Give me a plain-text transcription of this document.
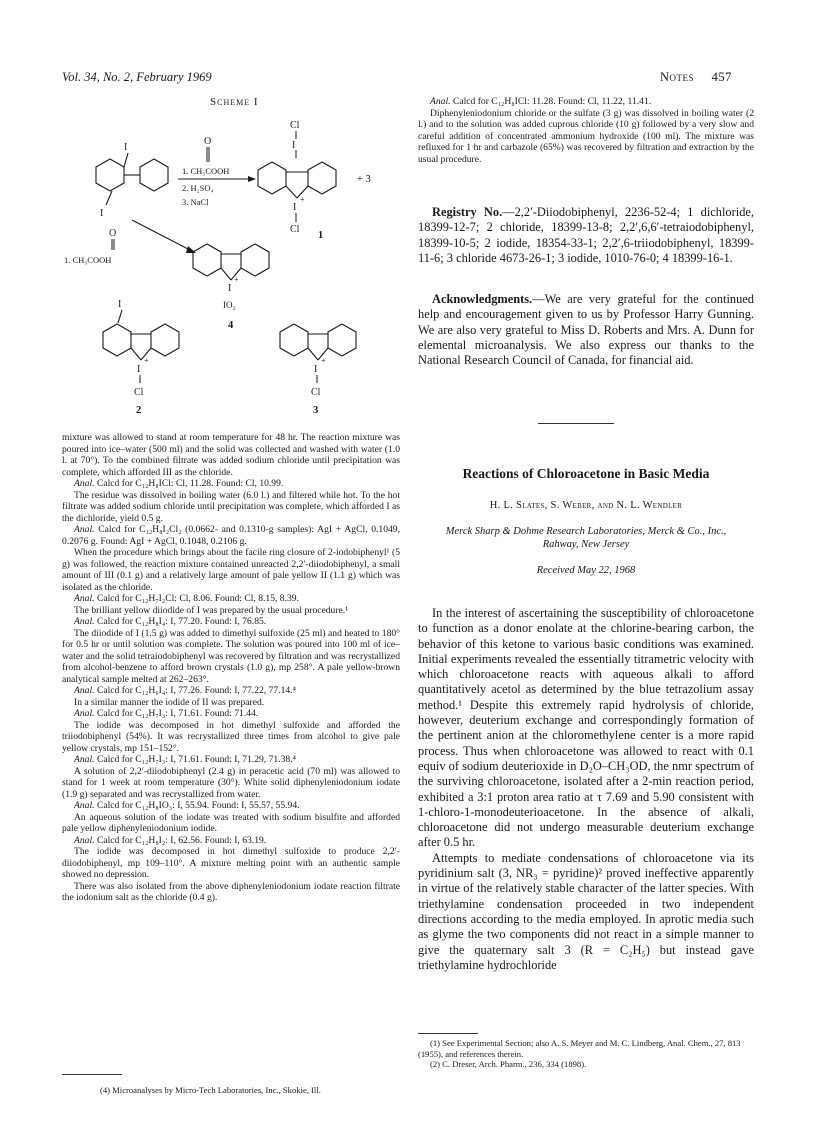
Vol. 34, No. 2, February 1969	Notes 457
Scheme I
I
I
O
1. CH₃COOH
2. H₂SO₄
3. NaCl	I
+
Cl
I
Cl
+ 3
1
O
1. CH₃COOH
I
+
IO₂
4
I
I
+
Cl
2
I
+
Cl
3

mixture was allowed to stand at room temperature for 48 hr. The reaction mixture was poured into ice–water (500 ml) and the solid was collected and washed with water (1.0 l. at 70°). To the combined filtrate was added sodium chloride until precipitation was complete, which afforded III as the chloride.

Anal. Calcd for C₁₂H₈ICl: Cl, 11.28. Found: Cl, 10.99.

The residue was dissolved in boiling water (6.0 l.) and filtered while hot. To the hot filtrate was added sodium chloride until precipitation was complete, which afforded I as the dichloride, yield 0.5 g.

Anal. Calcd for C₁₂H₈I₂Cl₂ (0.0662- and 0.1310-g samples): AgI + AgCl, 0.1049, 0.2076 g. Found: AgI + AgCl, 0.1048, 0.2106 g.

When the procedure which brings about the facile ring closure of 2-iodobiphenyl¹ (5 g) was followed, the reaction mixture contained unreacted 2,2′-diiodobiphenyl, a small amount of III (0.1 g) and a relatively large amount of pale yellow II (1.1 g) which was isolated as the chloride.

Anal. Calcd for C₁₂H₇I₂Cl: Cl, 8.06. Found: Cl, 8.15, 8.39.

The brilliant yellow diiodide of I was prepared by the usual procedure.¹

Anal. Calcd for C₁₂H₈I₄: I, 77.20. Found: I, 76.85.

The diiodide of I (1.5 g) was added to dimethyl sulfoxide (25 ml) and heated to 180° for 0.5 hr or until solution was complete. The solution was poured into 100 ml of ice–water and the solid tetraiodobiphenyl was recovered by filtration and was recrystallized from alcohol-benzene to afford brown crystals (1.0 g), mp 258°. A pale yellow-brown analytical sample melted at 262–263°.

Anal. Calcd for C₁₂H₆I₄: I, 77.26. Found: I, 77.22, 77.14.⁴

In a similar manner the iodide of II was prepared.

Anal. Calcd for C₁₂H₇I₃: I, 71.61. Found: 71.44.

The iodide was decomposed in hot dimethyl sulfoxide and afforded the triiodobiphenyl (54%). It was recrystallized three times from alcohol to give pale yellow crystals, mp 151–152°.

Anal. Calcd for C₁₂H₇I₃: I, 71.61. Found: I, 71.29, 71.38.⁴

A solution of 2,2′-diiodobiphenyl (2.4 g) in peracetic acid (70 ml) was allowed to stand for 1 week at room temperature (30°). White solid diphenyleniodonium iodate (1.9 g) separated and was recrystallized from water.

Anal. Calcd for C₁₂H₈IO₃: I, 55.94. Found: I, 55.57, 55.94.

An aqueous solution of the iodate was treated with sodium bisulfite and afforded pale yellow diphenyleniodonium iodide.

Anal. Calcd for C₁₂H₈I₂: I, 62.56. Found: I, 63.19.

The iodide was decomposed in hot dimethyl sulfoxide to produce 2,2′-diiodobiphenyl, mp 109–110°. A mixture melting point with an authentic sample showed no depression.

There was also isolated from the above diphenyleniodonium iodate reaction filtrate the iodonium salt as the chloride (0.4 g).

(4) Microanalyses by Micro-Tech Laboratories, Inc., Skokie, Ill.

Anal. Calcd for C₁₂H₈ICl: 11.28. Found: Cl, 11.22, 11.41.

Diphenyleniodonium chloride or the sulfate (3 g) was dissolved in boiling water (2 l.) and to the solution was added cuprous chloride (10 g) followed by a very slow and careful addition of concentrated ammonium hydroxide (100 ml). The mixture was refluxed for 1 hr and carbazole (65%) was recovered by filtration and extraction by the usual procedure.

Registry No.—2,2′-Diiodobiphenyl, 2236-52-4; 1 dichloride, 18399-12-7; 2 chloride, 18399-13-8; 2,2′,6,6′-tetraiodobiphenyl, 18399-10-5; 2 iodide, 18354-33-1; 2,2′,6-triiodobiphenyl, 18399-11-6; 3 chloride 4673-26-1; 3 iodide, 1010-76-0; 4 18399-16-1.

Acknowledgments.—We are very grateful for the continued help and encouragement given to us by Professor Harry Gunning. We are also very grateful to Miss D. Roberts and Mrs. A. Dunn for elemental microanalysis. We also express our thanks to the National Research Council of Canada, for financial aid.

Reactions of Chloroacetone in Basic Media
H. L. Slates, S. Weber, and N. L. Wendler
Merck Sharp & Dohme Research Laboratories, Merck & Co., Inc.,
Rahway, New Jersey
Received May 22, 1968

In the interest of ascertaining the susceptibility of chloroacetone to function as a donor enolate at the chlorine-bearing carbon, the behavior of this ketone to various basic conditions was examined. Initial experiments revealed the essentially titrametric velocity with which chloroacetone reacts with aqueous alkali to afford quantitatively acetol as determined by the blue tetrazolium assay method.¹ Despite this extremely rapid hydrolysis of chloride, however, deuterium exchange and correspondingly formation of the pertinent anion at the chloromethylene center is a more rapid process. Thus when chloroacetone was allowed to react with 0.1 equiv of sodium deuterioxide in D₂O–CH₃OD, the nmr spectrum of the surviving chloroacetone, isolated after a 2-min reaction period, exhibited a 3:1 proton area ratio at τ 7.69 and 5.90 consistent with 1-chloro-1-monodeuterioacetone. In the absence of alkali, chloroacetone did not undergo measurable deuterium exchange after 0.5 hr.

Attempts to mediate condensations of chloroacetone via its pyridinium salt (3, NR₃ = pyridine)² proved ineffective apparently in virtue of the relatively stable character of the latter species. With triethylamine condensation proceeded in two independent directions according to the media employed. In aprotic media such as glyme the two components did not react in a simple manner to give the quaternary salt 3 (R = C₂H₅) but instead gave triethylamine hydrochloride

(1) See Experimental Section; also A. S. Meyer and M. C. Lindberg, Anal. Chem., 27, 813 (1955), and references therein.

(2) C. Dreser, Arch. Pharm., 236, 334 (1898).
